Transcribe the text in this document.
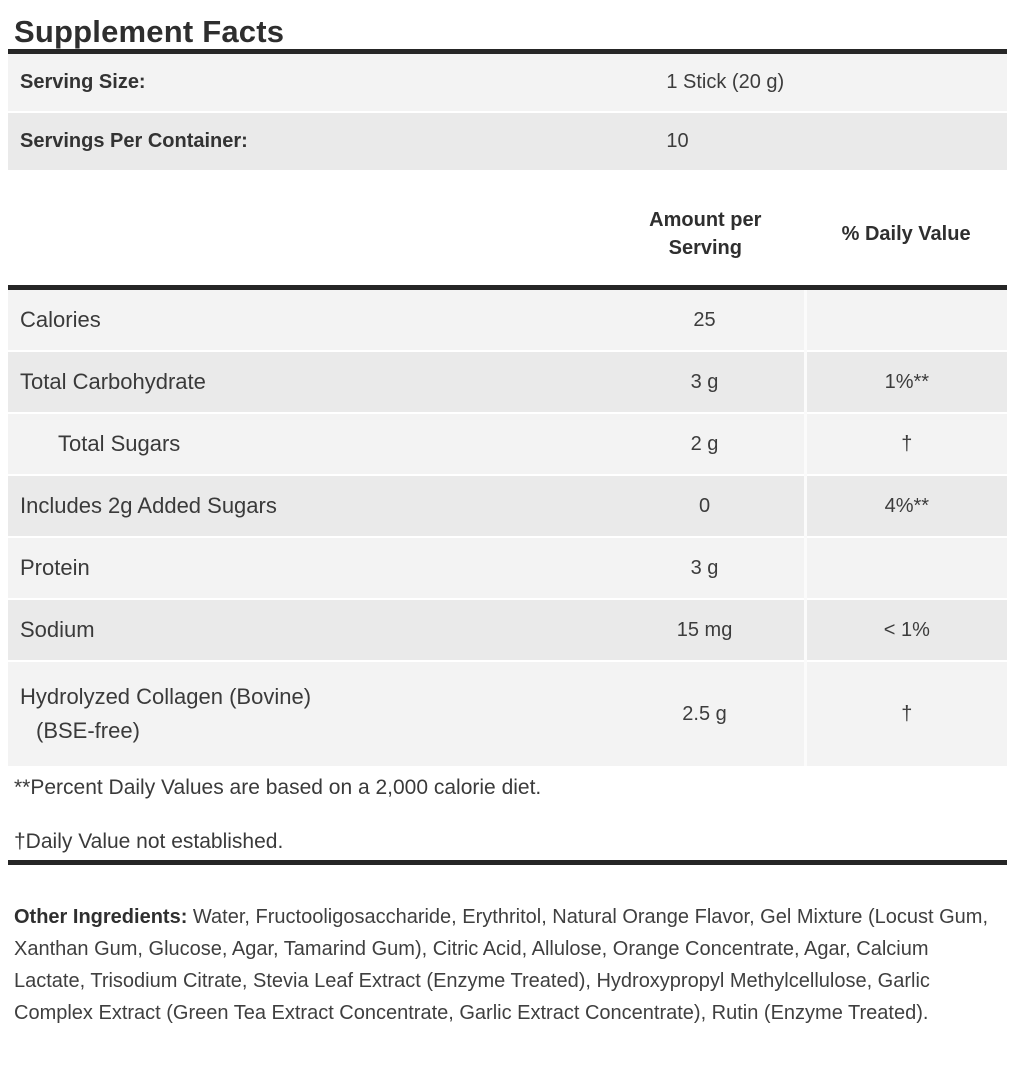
Supplement Facts
Serving Size:	1 Stick (20 g)
Servings Per Container:	10
	Amount per Serving	% Daily Value

Calories	25	
Total Carbohydrate	3 g	1%**
Total Sugars	2 g	†
Includes 2g Added Sugars	0	4%**
Protein	3 g	
Sodium	15 mg	< 1%

Hydrolyzed Collagen (Bovine)
(BSE-free)	2.5 g	†

**Percent Daily Values are based on a 2,000 calorie diet.

†Daily Value not established.

Other Ingredients: Water, Fructooligosaccharide, Erythritol, Natural Orange Flavor, Gel Mixture (Locust Gum, Xanthan Gum, Glucose, Agar, Tamarind Gum), Citric Acid, Allulose, Orange Concentrate, Agar, Calcium Lactate, Trisodium Citrate, Stevia Leaf Extract (Enzyme Treated), Hydroxypropyl Methylcellulose, Garlic Complex Extract (Green Tea Extract Concentrate, Garlic Extract Concentrate), Rutin (Enzyme Treated).
